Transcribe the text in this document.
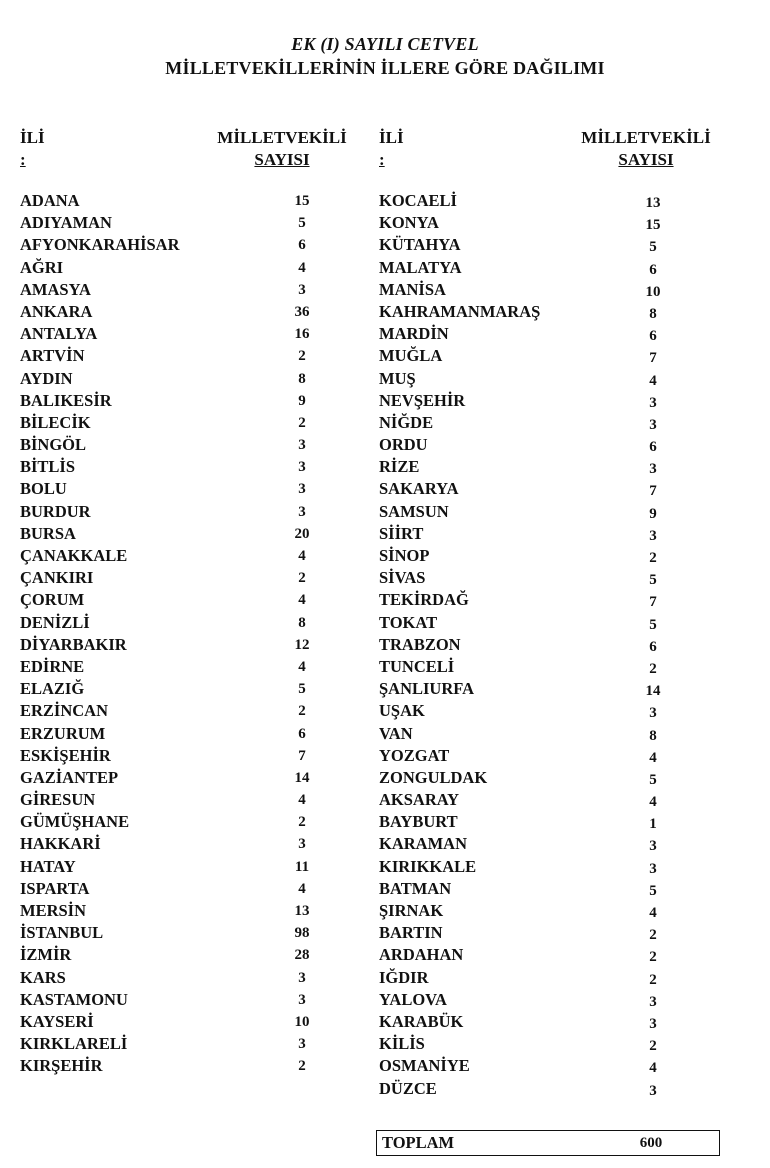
EK (I) SAYILI CETVEL
MİLLETVEKİLLERİNİN İLLERE GÖRE DAĞILIMI
İLİ
:
MİLLETVEKİLİ
SAYISI
İLİ
:
MİLLETVEKİLİ
SAYISI
ADANA	15
ADIYAMAN	5
AFYONKARAHİSAR	6
AĞRI	4
AMASYA	3
ANKARA	36
ANTALYA	16
ARTVİN	2
AYDIN	8
BALIKESİR	9
BİLECİK	2
BİNGÖL	3
BİTLİS	3
BOLU	3
BURDUR	3
BURSA	20
ÇANAKKALE	4
ÇANKIRI	2
ÇORUM	4
DENİZLİ	8
DİYARBAKIR	12
EDİRNE	4
ELAZIĞ	5
ERZİNCAN	2
ERZURUM	6
ESKİŞEHİR	7
GAZİANTEP	14
GİRESUN	4
GÜMÜŞHANE	2
HAKKARİ	3
HATAY	11
ISPARTA	4
MERSİN	13
İSTANBUL	98
İZMİR	28
KARS	3
KASTAMONU	3
KAYSERİ	10
KIRKLARELİ	3
KIRŞEHİR	2
KOCAELİ	13
KONYA	15
KÜTAHYA	5
MALATYA	6
MANİSA	10
KAHRAMANMARAŞ	8
MARDİN	6
MUĞLA	7
MUŞ	4
NEVŞEHİR	3
NİĞDE	3
ORDU	6
RİZE	3
SAKARYA	7
SAMSUN	9
SİİRT	3
SİNOP	2
SİVAS	5
TEKİRDAĞ	7
TOKAT	5
TRABZON	6
TUNCELİ	2
ŞANLIURFA	14
UŞAK	3
VAN	8
YOZGAT	4
ZONGULDAK	5
AKSARAY	4
BAYBURT	1
KARAMAN	3
KIRIKKALE	3
BATMAN	5
ŞIRNAK	4
BARTIN	2
ARDAHAN	2
IĞDIR	2
YALOVA	3
KARABÜK	3
KİLİS	2
OSMANİYE	4
DÜZCE	3
TOPLAM	600
